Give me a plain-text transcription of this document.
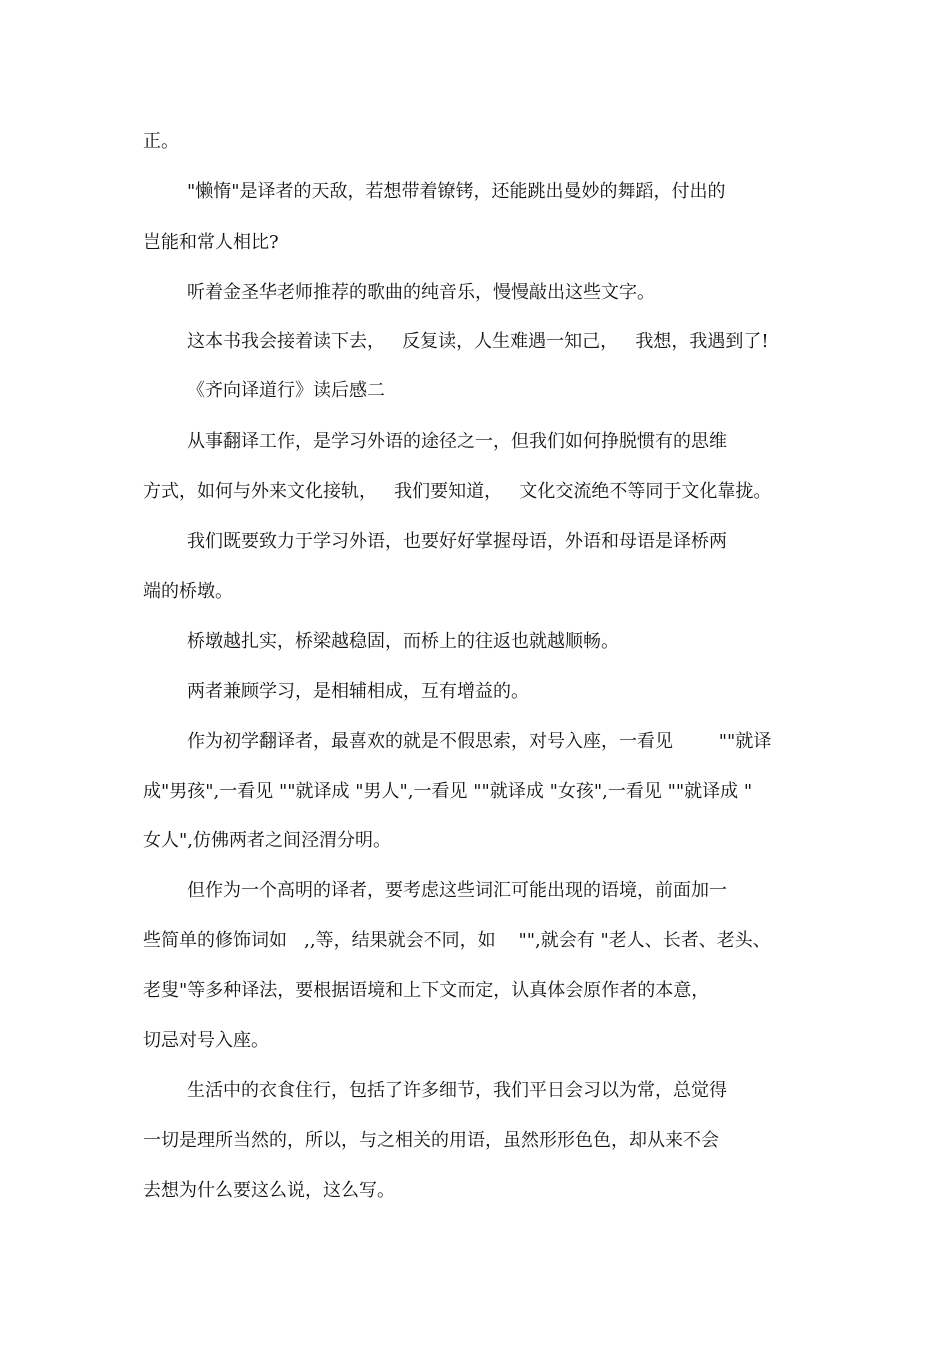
正。
"懒惰"是译者的天敌，若想带着镣铐，还能跳出曼妙的舞蹈，付出的
岂能和常人相比?
听着金圣华老师推荐的歌曲的纯音乐，慢慢敲出这些文字。
这本书我会接着读下去，   反复读，人生难遇一知己，   我想，我遇到了!
《齐向译道行》读后感二
从事翻译工作，是学习外语的途径之一，但我们如何挣脱惯有的思维
方式，如何与外来文化接轨，   我们要知道，   文化交流绝不等同于文化靠拢。
我们既要致力于学习外语，也要好好掌握母语，外语和母语是译桥两
端的桥墩。
桥墩越扎实，桥梁越稳固，而桥上的往返也就越顺畅。
两者兼顾学习，是相辅相成，互有增益的。
作为初学翻译者，最喜欢的就是不假思索，对号入座，一看见        ""就译
成"男孩",一看见 ""就译成 "男人",一看见 ""就译成 "女孩",一看见 ""就译成 "
女人",仿佛两者之间泾渭分明。
但作为一个高明的译者，要考虑这些词汇可能出现的语境，前面加一
些简单的修饰词如   ,,等，结果就会不同，如    "",就会有 "老人、长者、老头、
老叟"等多种译法，要根据语境和上下文而定，认真体会原作者的本意，
切忌对号入座。
生活中的衣食住行，包括了许多细节，我们平日会习以为常，总觉得
一切是理所当然的，所以，与之相关的用语，虽然形形色色，却从来不会
去想为什么要这么说，这么写。
